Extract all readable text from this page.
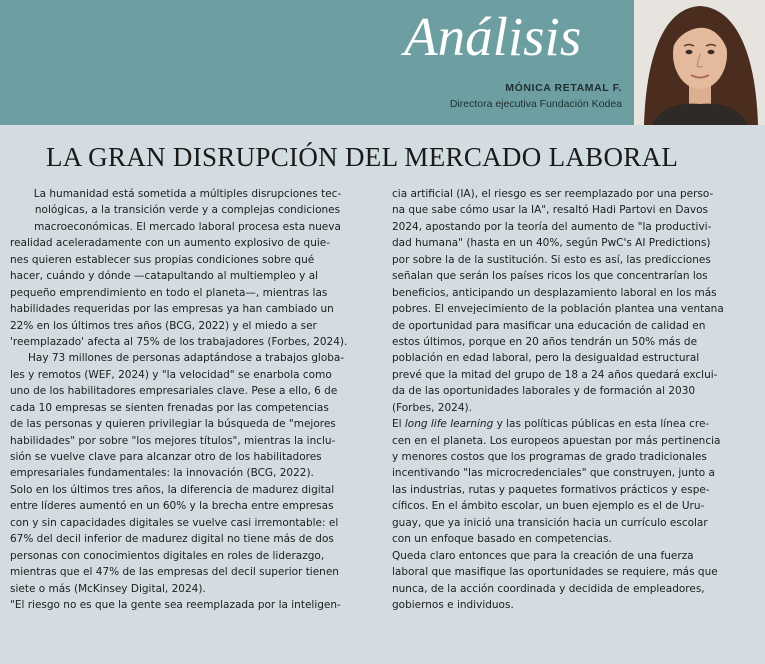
Análisis
MÓNICA RETAMAL F.
Directora ejecutiva Fundación Kodea
LA GRAN DISRUPCIÓN DEL MERCADO LABORAL
La humanidad está sometida a múltiples disrupciones tec-
nológicas, a la transición verde y a complejas condiciones
macroeconómicas. El mercado laboral procesa esta nueva
realidad aceleradamente con un aumento explosivo de quie-
nes quieren establecer sus propias condiciones sobre qué
hacer, cuándo y dónde —catapultando al multiempleo y al
pequeño emprendimiento en todo el planeta—, mientras las
habilidades requeridas por las empresas ya han cambiado un
22% en los últimos tres años (BCG, 2022) y el miedo a ser
'reemplazado' afecta al 75% de los trabajadores (Forbes, 2024).
Hay 73 millones de personas adaptándose a trabajos globa-
les y remotos (WEF, 2024) y "la velocidad" se enarbola como
uno de los habilitadores empresariales clave. Pese a ello, 6 de
cada 10 empresas se sienten frenadas por las competencias
de las personas y quieren privilegiar la búsqueda de "mejores
habilidades" por sobre "los mejores títulos", mientras la inclu-
sión se vuelve clave para alcanzar otro de los habilitadores
empresariales fundamentales: la innovación (BCG, 2022).
Solo en los últimos tres años, la diferencia de madurez digital
entre líderes aumentó en un 60% y la brecha entre empresas
con y sin capacidades digitales se vuelve casi irremontable: el
67% del decil inferior de madurez digital no tiene más de dos
personas con conocimientos digitales en roles de liderazgo,
mientras que el 47% de las empresas del decil superior tienen
siete o más (McKinsey Digital, 2024).
"El riesgo no es que la gente sea reemplazada por la inteligen-
cia artificial (IA), el riesgo es ser reemplazado por una perso-
na que sabe cómo usar la IA", resaltó Hadi Partovi en Davos
2024, apostando por la teoría del aumento de "la productivi-
dad humana" (hasta en un 40%, según PwC's AI Predictions)
por sobre la de la sustitución. Si esto es así, las predicciones
señalan que serán los países ricos los que concentrarían los
beneficios, anticipando un desplazamiento laboral en los más
pobres. El envejecimiento de la población plantea una ventana
de oportunidad para masificar una educación de calidad en
estos últimos, porque en 20 años tendrán un 50% más de
población en edad laboral, pero la desigualdad estructural
prevé que la mitad del grupo de 18 a 24 años quedará exclui-
da de las oportunidades laborales y de formación al 2030
(Forbes, 2024).
El long life learning y las políticas públicas en esta línea cre-
cen en el planeta. Los europeos apuestan por más pertinencia
y menores costos que los programas de grado tradicionales
incentivando "las microcredenciales" que construyen, junto a
las industrias, rutas y paquetes formativos prácticos y espe-
cíficos. En el ámbito escolar, un buen ejemplo es el de Uru-
guay, que ya inició una transición hacia un currículo escolar
con un enfoque basado en competencias.
Queda claro entonces que para la creación de una fuerza
laboral que masifique las oportunidades se requiere, más que
nunca, de la acción coordinada y decidida de empleadores,
gobiernos e individuos.
